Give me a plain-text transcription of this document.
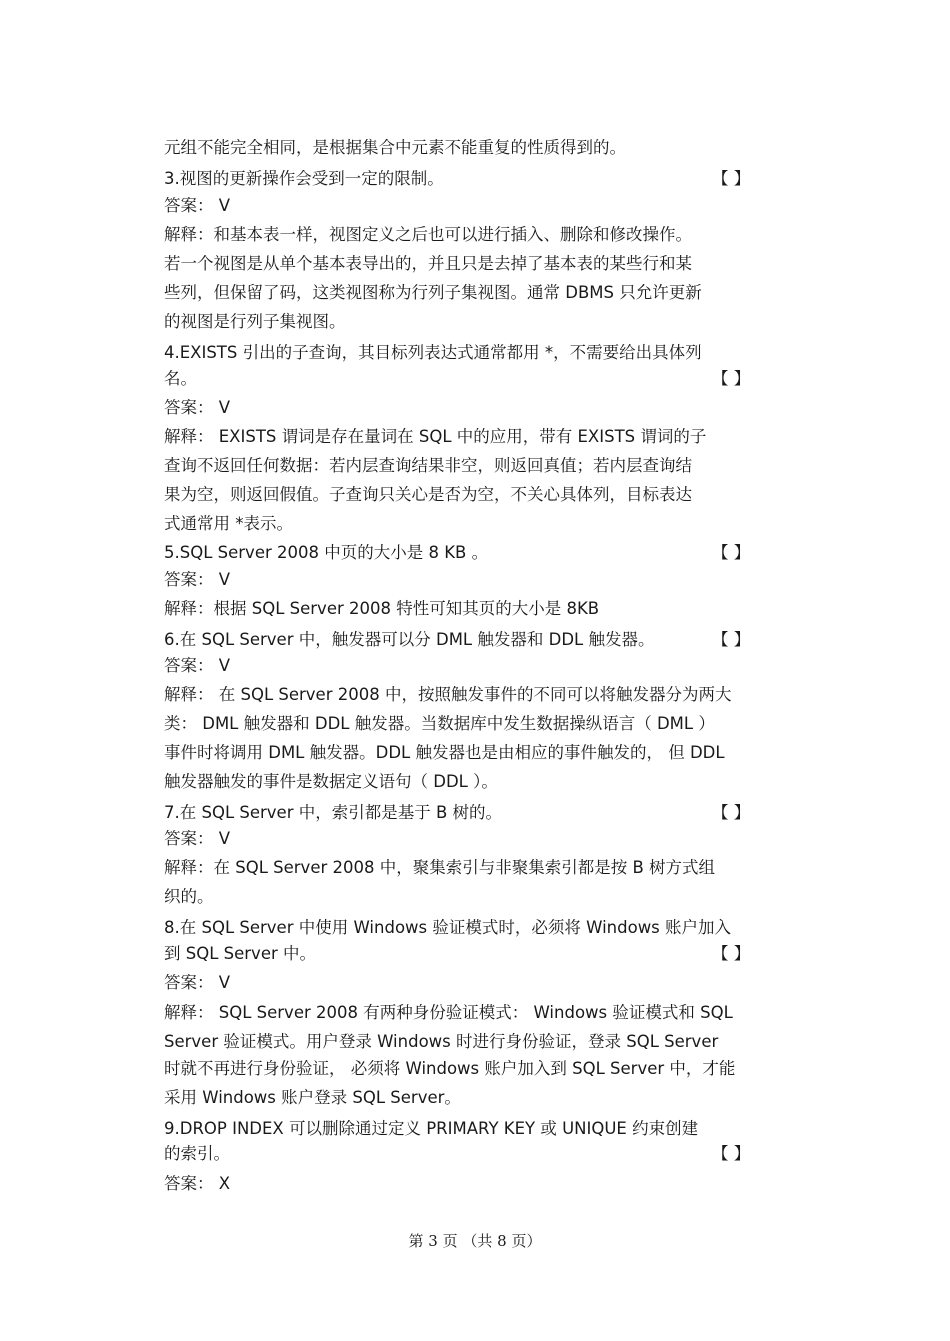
元组不能完全相同，是根据集合中元素不能重复的性质得到的。
3.视图的更新操作会受到一定的限制。	【 】
答案： V
解释：和基本表一样，视图定义之后也可以进行插入、删除和修改操作。
若一个视图是从单个基本表导出的，并且只是去掉了基本表的某些行和某
些列，但保留了码，这类视图称为行列子集视图。通常 DBMS 只允许更新
的视图是行列子集视图。
4.EXISTS 引出的子查询，其目标列表达式通常都用 *，不需要给出具体列
名。	【 】
答案： V
解释： EXISTS 谓词是存在量词在 SQL 中的应用，带有 EXISTS 谓词的子
查询不返回任何数据：若内层查询结果非空，则返回真值；若内层查询结
果为空，则返回假值。子查询只关心是否为空，不关心具体列，目标表达
式通常用 *表示。
5.SQL Server 2008 中页的大小是 8 KB 。	【 】
答案： V
解释：根据 SQL Server 2008 特性可知其页的大小是 8KB
6.在 SQL Server 中，触发器可以分 DML 触发器和 DDL 触发器。	【 】
答案： V
解释： 在 SQL Server 2008 中，按照触发事件的不同可以将触发器分为两大
类： DML 触发器和 DDL 触发器。当数据库中发生数据操纵语言（ DML ）
事件时将调用 DML 触发器。DDL 触发器也是由相应的事件触发的， 但 DDL
触发器触发的事件是数据定义语句（ DDL ）。
7.在 SQL Server 中，索引都是基于 B 树的。	【 】
答案： V
解释：在 SQL Server 2008 中，聚集索引与非聚集索引都是按 B 树方式组
织的。
8.在 SQL Server 中使用 Windows 验证模式时，必须将 Windows 账户加入
到 SQL Server 中。	【 】
答案： V
解释： SQL Server 2008 有两种身份验证模式： Windows 验证模式和 SQL
Server 验证模式。用户登录 Windows 时进行身份验证，登录 SQL Server
时就不再进行身份验证， 必须将 Windows 账户加入到 SQL Server 中，才能
采用 Windows 账户登录 SQL Server。
9.DROP INDEX 可以删除通过定义 PRIMARY KEY 或 UNIQUE 约束创建
的索引。	【 】
答案： X
第 3 页 （共 8 页）
